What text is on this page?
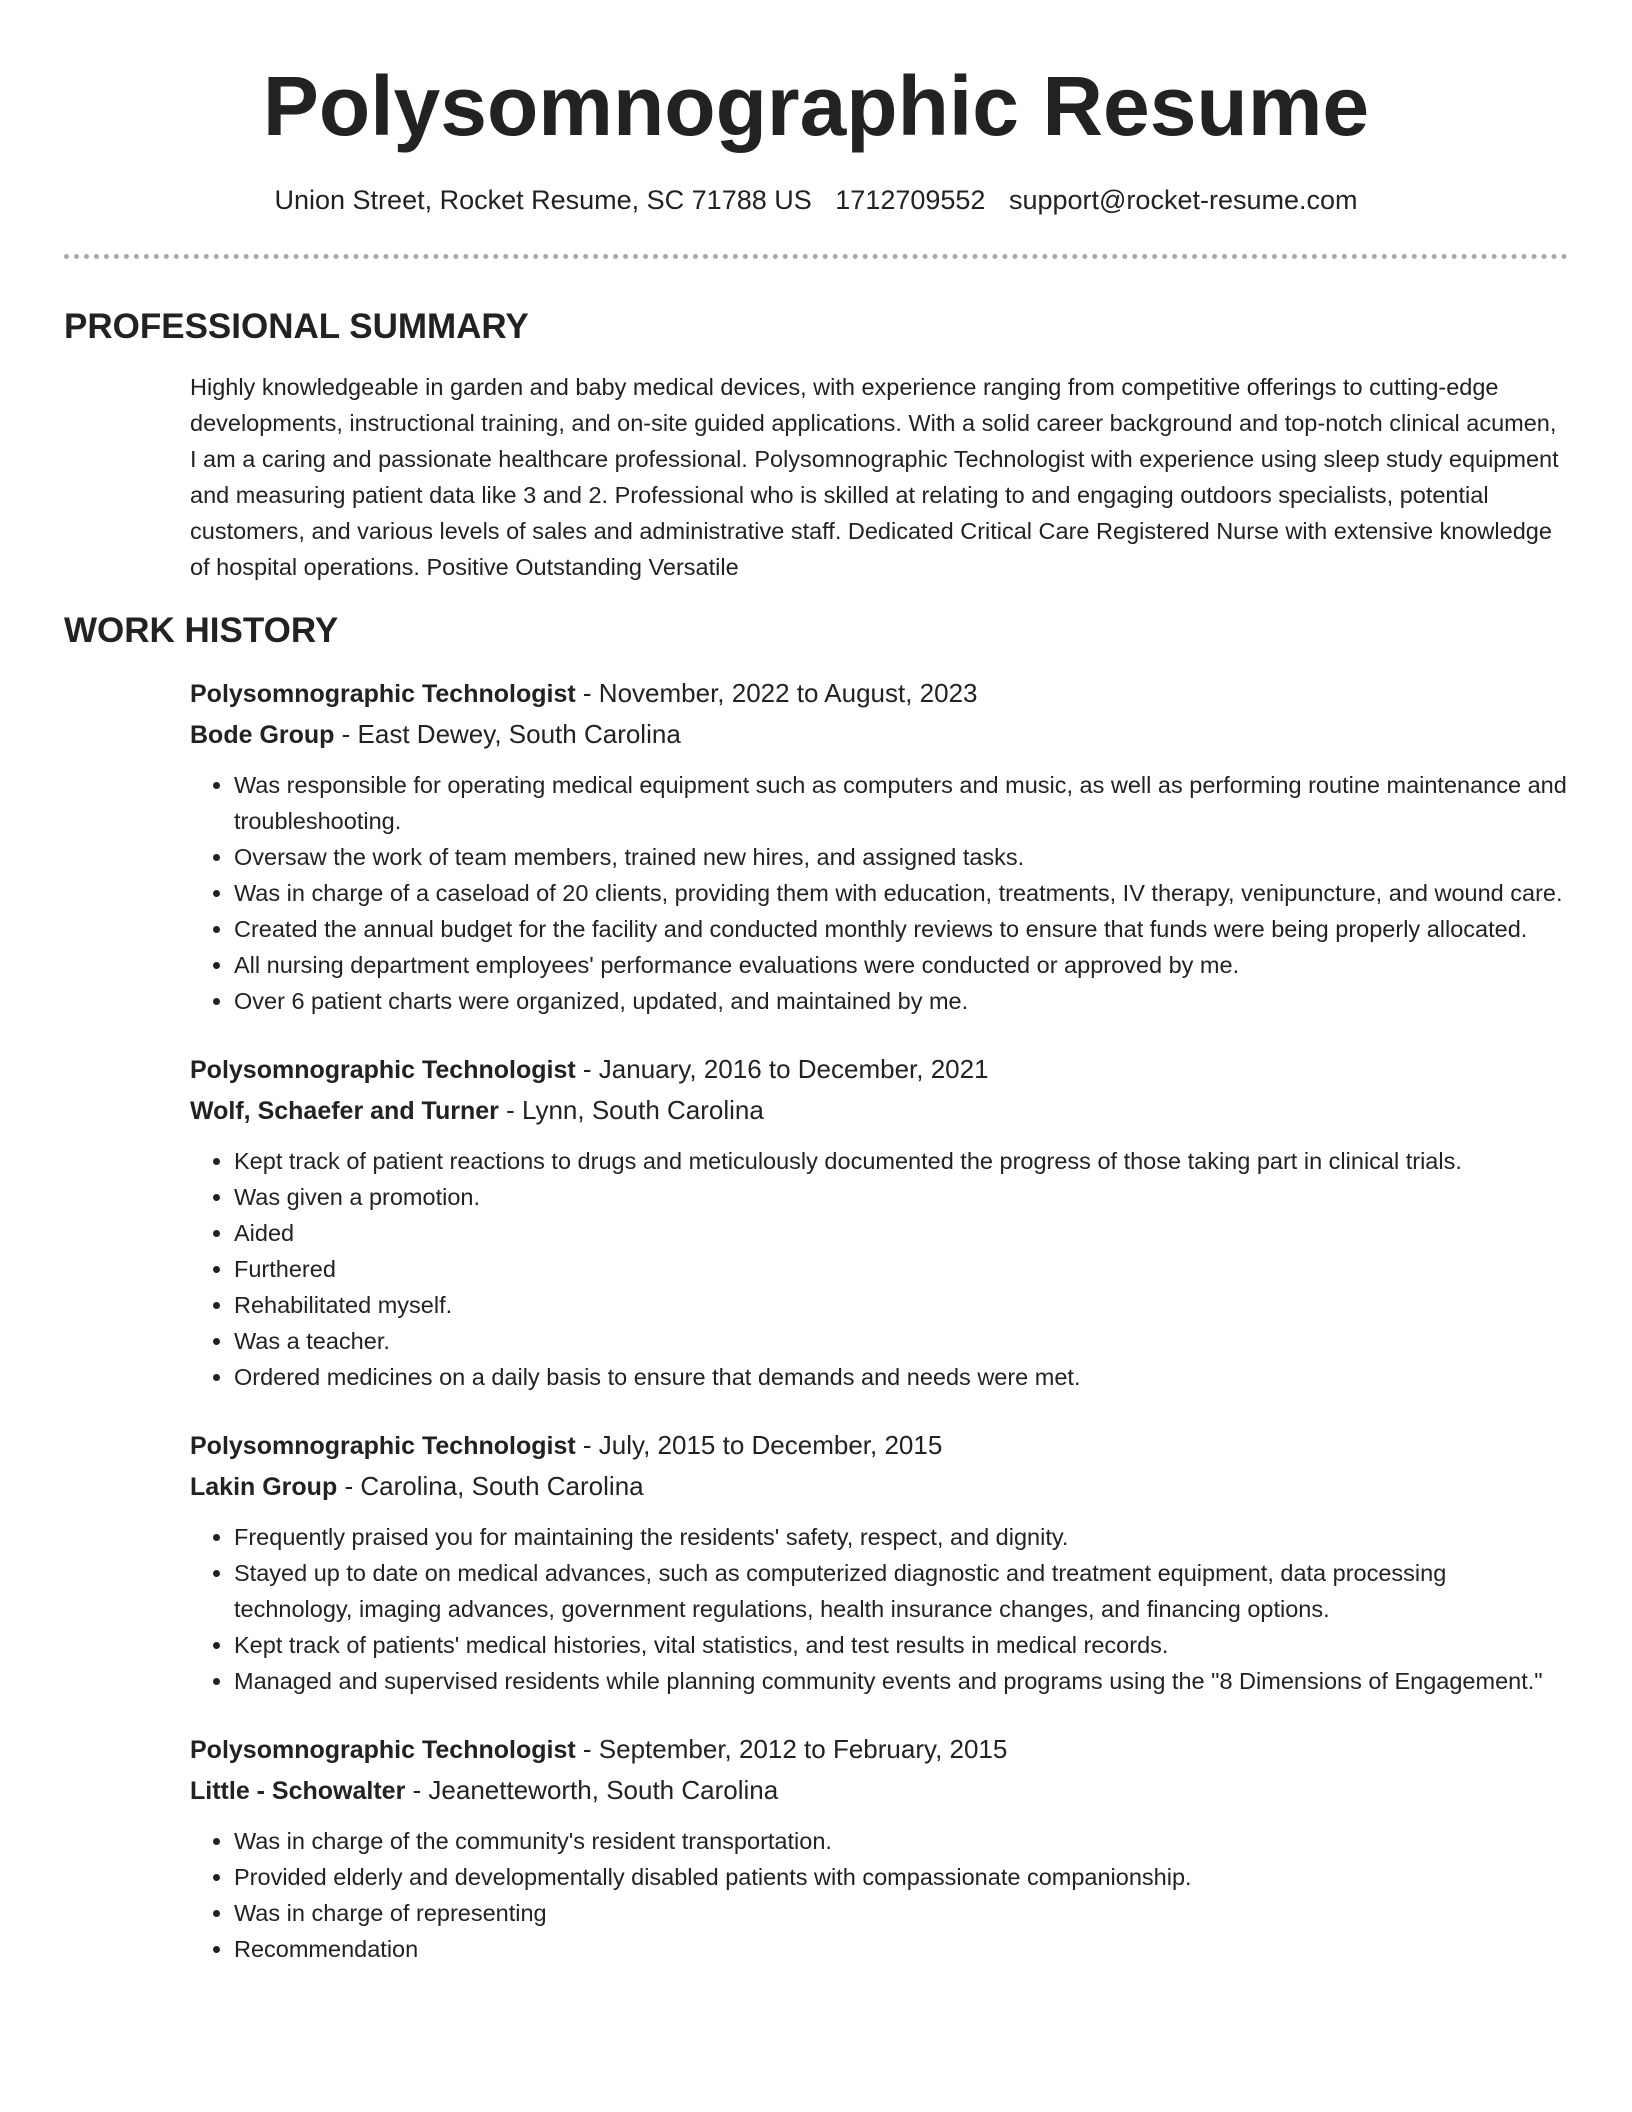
Polysomnographic Resume
Union Street, Rocket Resume, SC 71788 US 1712709552 support@rocket-resume.com
PROFESSIONAL SUMMARY
Highly knowledgeable in garden and baby medical devices, with experience ranging from competitive offerings to cutting-edge developments, instructional training, and on-site guided applications. With a solid career background and top-notch clinical acumen, I am a caring and passionate healthcare professional. Polysomnographic Technologist with experience using sleep study equipment and measuring patient data like 3 and 2. Professional who is skilled at relating to and engaging outdoors specialists, potential customers, and various levels of sales and administrative staff. Dedicated Critical Care Registered Nurse with extensive knowledge of hospital operations. Positive Outstanding Versatile
WORK HISTORY
Polysomnographic Technologist - November, 2022 to August, 2023
Bode Group - East Dewey, South Carolina
• Was responsible for operating medical equipment such as computers and music, as well as performing routine maintenance and troubleshooting.
• Oversaw the work of team members, trained new hires, and assigned tasks.
• Was in charge of a caseload of 20 clients, providing them with education, treatments, IV therapy, venipuncture, and wound care.
• Created the annual budget for the facility and conducted monthly reviews to ensure that funds were being properly allocated.
• All nursing department employees' performance evaluations were conducted or approved by me.
• Over 6 patient charts were organized, updated, and maintained by me.
Polysomnographic Technologist - January, 2016 to December, 2021
Wolf, Schaefer and Turner - Lynn, South Carolina
• Kept track of patient reactions to drugs and meticulously documented the progress of those taking part in clinical trials.
• Was given a promotion.
• Aided
• Furthered
• Rehabilitated myself.
• Was a teacher.
• Ordered medicines on a daily basis to ensure that demands and needs were met.
Polysomnographic Technologist - July, 2015 to December, 2015
Lakin Group - Carolina, South Carolina
• Frequently praised you for maintaining the residents' safety, respect, and dignity.
• Stayed up to date on medical advances, such as computerized diagnostic and treatment equipment, data processing technology, imaging advances, government regulations, health insurance changes, and financing options.
• Kept track of patients' medical histories, vital statistics, and test results in medical records.
• Managed and supervised residents while planning community events and programs using the "8 Dimensions of Engagement."
Polysomnographic Technologist - September, 2012 to February, 2015
Little - Schowalter - Jeanetteworth, South Carolina
• Was in charge of the community's resident transportation.
• Provided elderly and developmentally disabled patients with compassionate companionship.
• Was in charge of representing
• Recommendation
